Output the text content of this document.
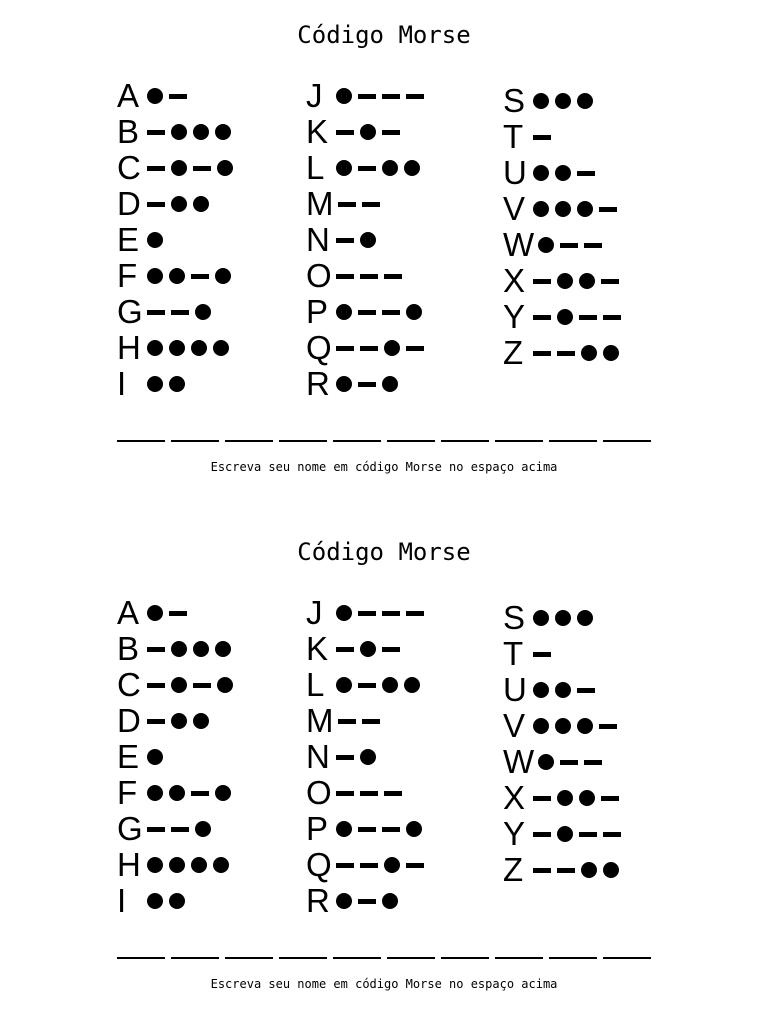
Código Morse
A
B
C
D
E
F
G
H
I
J
K
L
M
N
O
P
Q
R
S
T
U
V
W
X
Y
Z
Escreva seu nome em código Morse no espaço acima
Código Morse
A
B
C
D
E
F
G
H
I
J
K
L
M
N
O
P
Q
R
S
T
U
V
W
X
Y
Z
Escreva seu nome em código Morse no espaço acima
